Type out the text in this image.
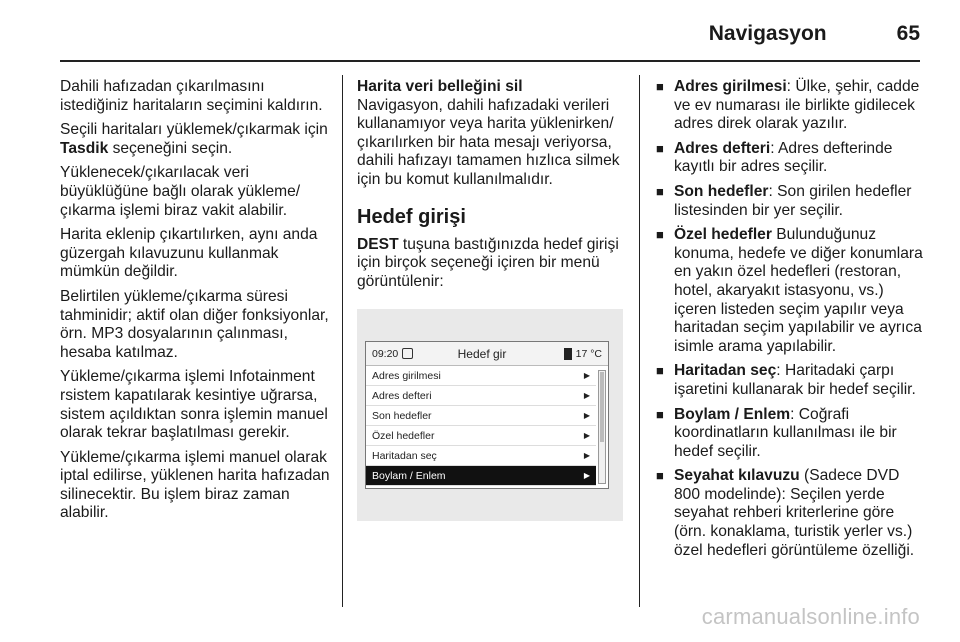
Navigasyon	65

Dahili hafızadan çıkarılmasını istediğiniz haritaların seçimini kaldırın.

Seçili haritaları yüklemek/çıkarmak için Tasdik seçeneğini seçin.

Yüklenecek/çıkarılacak veri büyüklüğüne bağlı olarak yükleme/çıkarma işlemi biraz vakit alabilir.

Harita eklenip çıkartılırken, aynı anda güzergah kılavuzunu kullanmak mümkün değildir.

Belirtilen yükleme/çıkarma süresi tahminidir; aktif olan diğer fonksiyonlar, örn. MP3 dosyalarının çalınması, hesaba katılmaz.

Yükleme/çıkarma işlemi Infotainment rsistem kapatılarak kesintiye uğrarsa, sistem açıldıktan sonra işlemin manuel olarak tekrar başlatılması gerekir.

Yükleme/çıkarma işlemi manuel olarak iptal edilirse, yüklenen harita hafızadan silinecektir. Bu işlem biraz zaman alabilir.

Harita veri belleğini sil

Navigasyon, dahili hafızadaki verileri kullanamıyor veya harita yüklenirken/çıkarılırken bir hata mesajı veriyorsa, dahili hafızayı tamamen hızlıca silmek için bu komut kullanılmalıdır.

Hedef girişi

DEST tuşuna bastığınızda hedef girişi için birçok seçeneği içiren bir menü görüntülenir:

09:20	Hedef gir	17 °C
Adres girilmesi	▶
Adres defteri	▶
Son hedefler	▶
Özel hedefler	▶
Haritadan seç	▶
Boylam / Enlem	▶
■ Adres girilmesi: Ülke, şehir, cadde ve ev numarası ile birlikte gidilecek adres direk olarak yazılır.
■ Adres defteri: Adres defterinde kayıtlı bir adres seçilir.
■ Son hedefler: Son girilen hedefler listesinden bir yer seçilir.
■ Özel hedefler Bulunduğunuz konuma, hedefe ve diğer konumlara en yakın özel hedefleri (restoran, hotel, akaryakıt istasyonu, vs.) içeren listeden seçim yapılır veya haritadan seçim yapılabilir ve ayrıca isimle arama yapılabilir.
■ Haritadan seç: Haritadaki çarpı işaretini kullanarak bir hedef seçilir.
■ Boylam / Enlem: Coğrafi koordinatların kullanılması ile bir hedef seçilir.
■ Seyahat kılavuzu (Sadece DVD 800 modelinde): Seçilen yerde seyahat rehberi kriterlerine göre (örn. konaklama, turistik yerler vs.) özel hedefleri görüntüleme özelliği.
carmanualsonline.info
